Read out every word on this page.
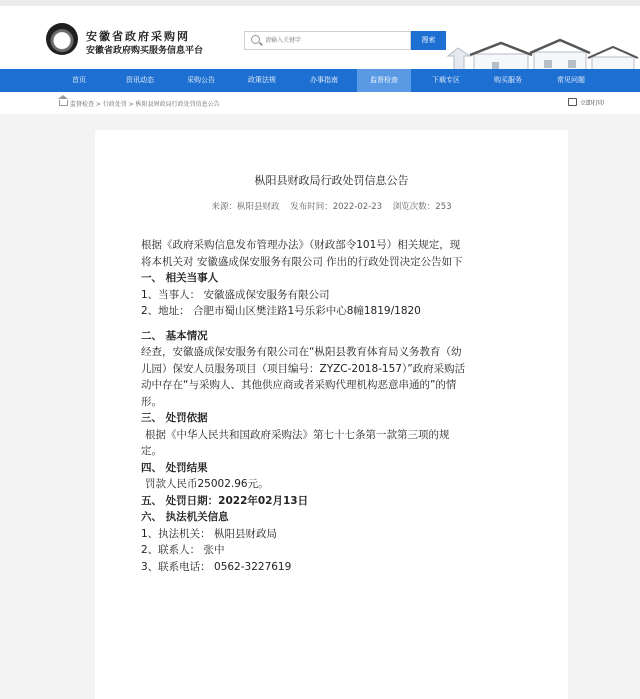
安徽省政府采购网
安徽省政府购买服务信息平台
请输入关键字
搜索
首页	资讯动态	采购公告	政策法规	办事指南	监督检查	下载专区	购买服务	常见问题
监督检查 > 行政处罚 > 枞阳县财政局行政处罚信息公告	立即打印
枞阳县财政局行政处罚信息公告
来源：枞阳县财政 发布时间：2022-02-23 浏览次数：253

根据《政府采购信息发布管理办法》（财政部令101号）相关规定，现

将本机关对 安徽盛成保安服务有限公司 作出的行政处罚决定公告如下

一、 相关当事人

1、当事人： 安徽盛成保安服务有限公司

2、地址： 合肥市蜀山区樊洼路1号乐彩中心8幢1819/1820

二、 基本情况

经查，安徽盛成保安服务有限公司在“枞阳县教育体育局义务教育（幼

儿园）保安人员服务项目（项目编号：ZYZC-2018-157）”政府采购活

动中存在“与采购人、其他供应商或者采购代理机构恶意串通的”的情

形。

三、 处罚依据

根据《中华人民共和国政府采购法》第七十七条第一款第三项的规

定。

四、 处罚结果

罚款人民币25002.96元。

五、 处罚日期：2022年02月13日

六、 执法机关信息

1、执法机关： 枞阳县财政局

2、联系人： 张中

3、联系电话： 0562-3227619
